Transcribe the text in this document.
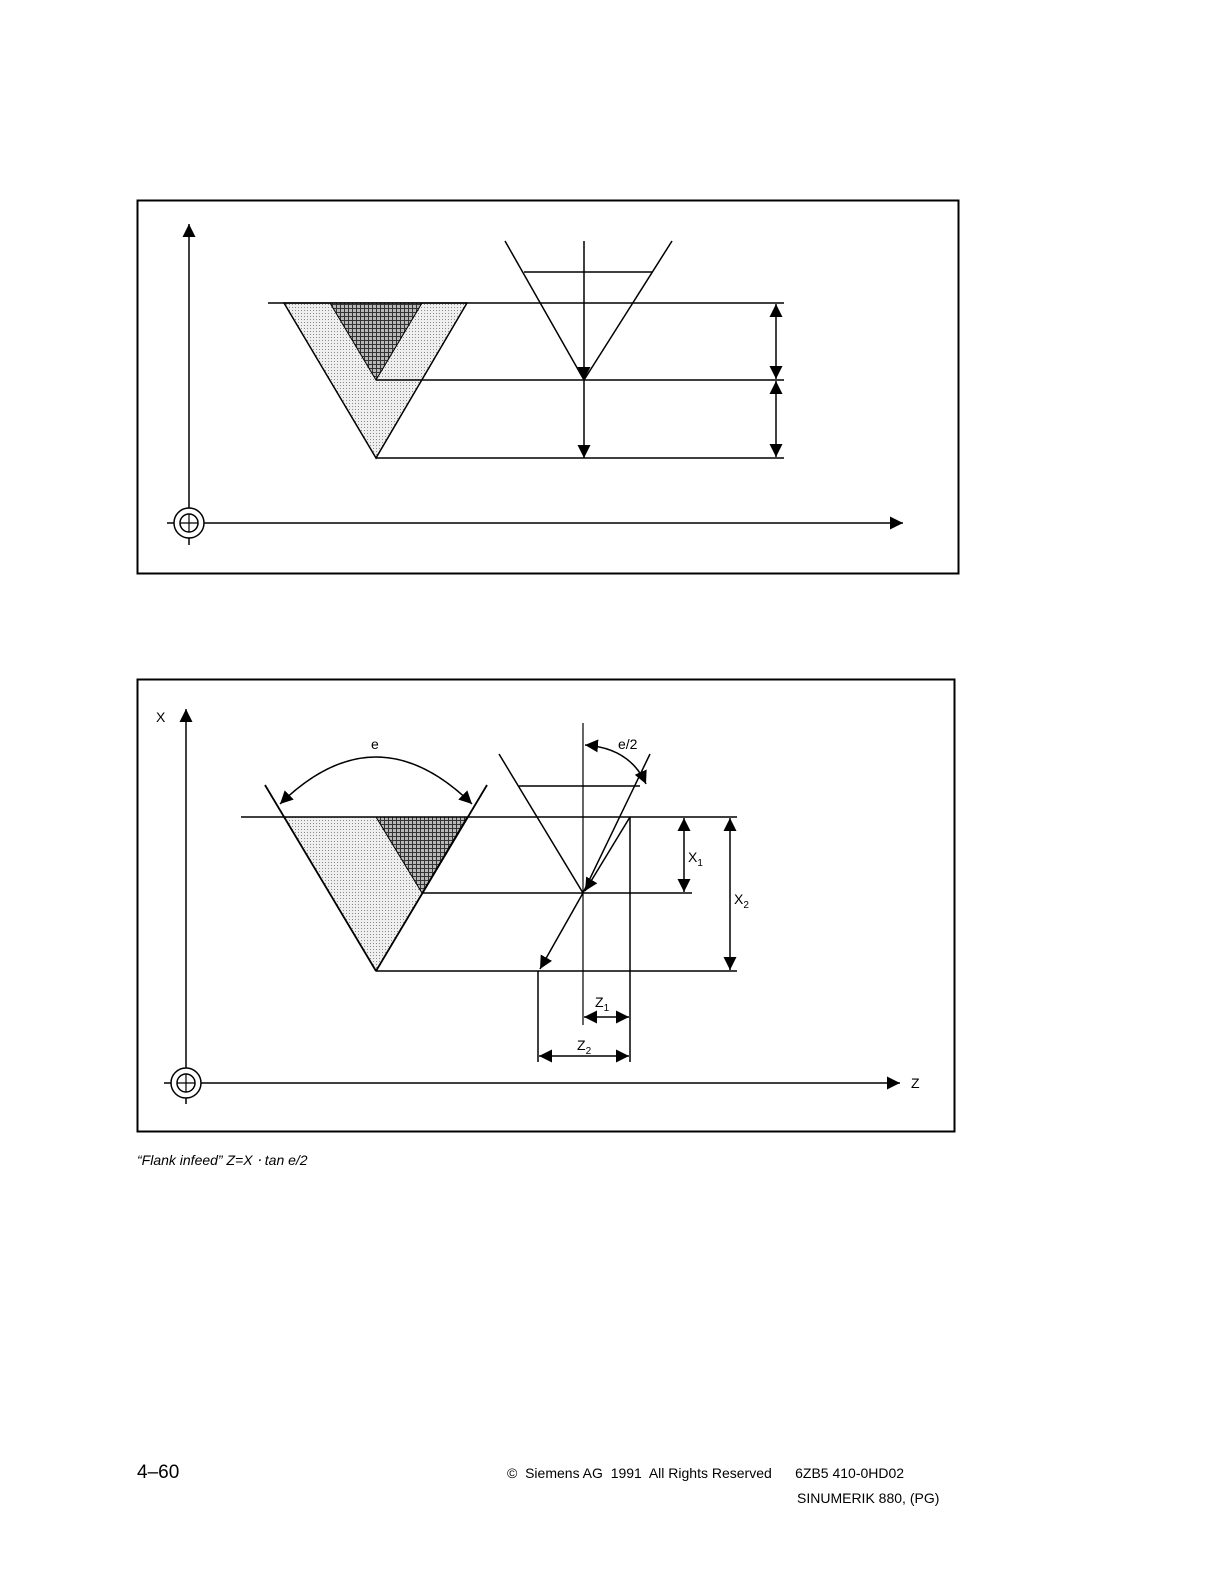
X
Z
e	e/2
$X_1$
$X_2$
$Z_1$
$Z_2$
“Flank infeed” Z=X ⋅ tan e/2
4–60	©  Siemens AG  1991  All Rights Reserved      6ZB5 410-0HD02
SINUMERIK 880, (PG)
